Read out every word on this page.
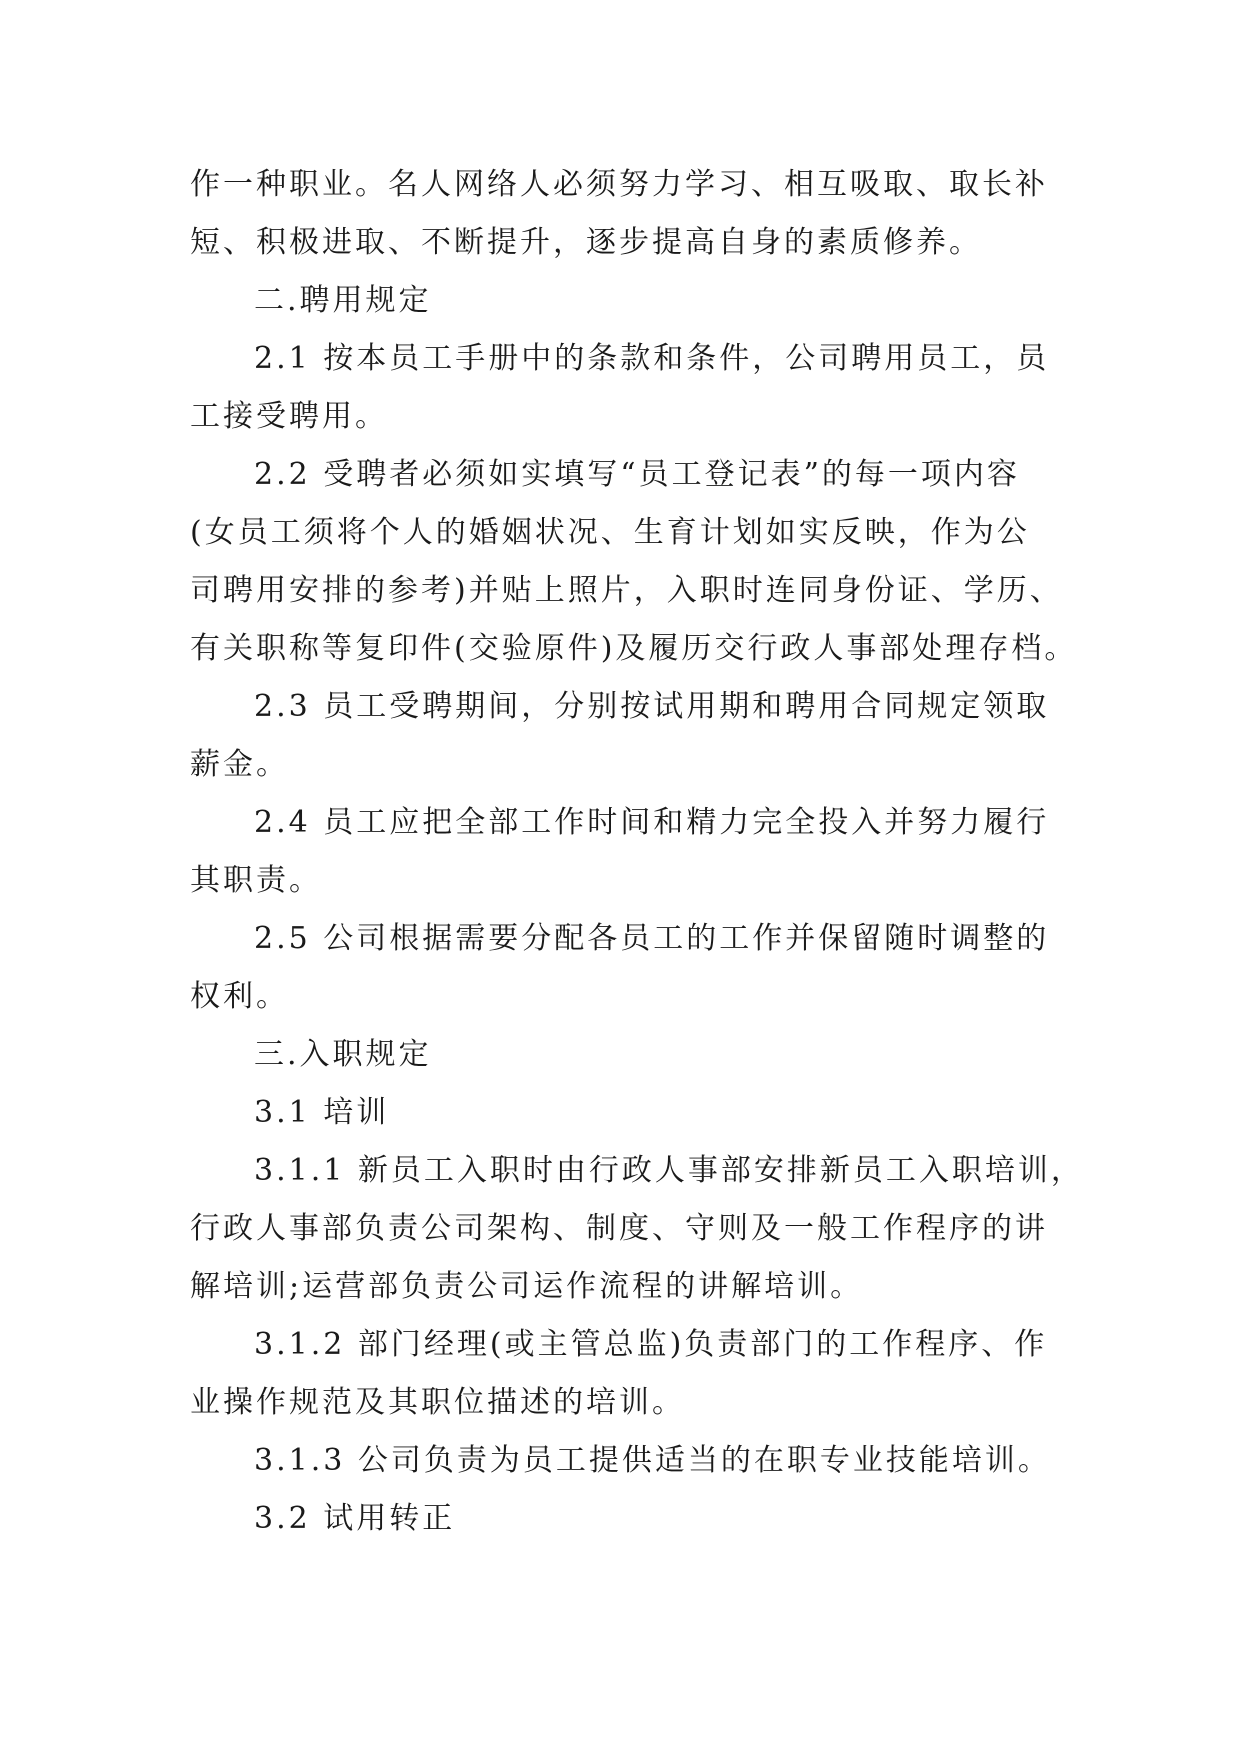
作一种职业。名人网络人必须努力学习、相互吸取、取长补
短、积极进取、不断提升，逐步提高自身的素质修养。
二.聘用规定
2.1 按本员工手册中的条款和条件，公司聘用员工，员
工接受聘用。
2.2 受聘者必须如实填写“员工登记表”的每一项内容
(女员工须将个人的婚姻状况、生育计划如实反映，作为公
司聘用安排的参考)并贴上照片，入职时连同身份证、学历、
有关职称等复印件(交验原件)及履历交行政人事部处理存档。
2.3 员工受聘期间，分别按试用期和聘用合同规定领取
薪金。
2.4 员工应把全部工作时间和精力完全投入并努力履行
其职责。
2.5 公司根据需要分配各员工的工作并保留随时调整的
权利。
三.入职规定
3.1 培训
3.1.1 新员工入职时由行政人事部安排新员工入职培训，
行政人事部负责公司架构、制度、守则及一般工作程序的讲
解培训;运营部负责公司运作流程的讲解培训。
3.1.2 部门经理(或主管总监)负责部门的工作程序、作
业操作规范及其职位描述的培训。
3.1.3 公司负责为员工提供适当的在职专业技能培训。
3.2 试用转正
